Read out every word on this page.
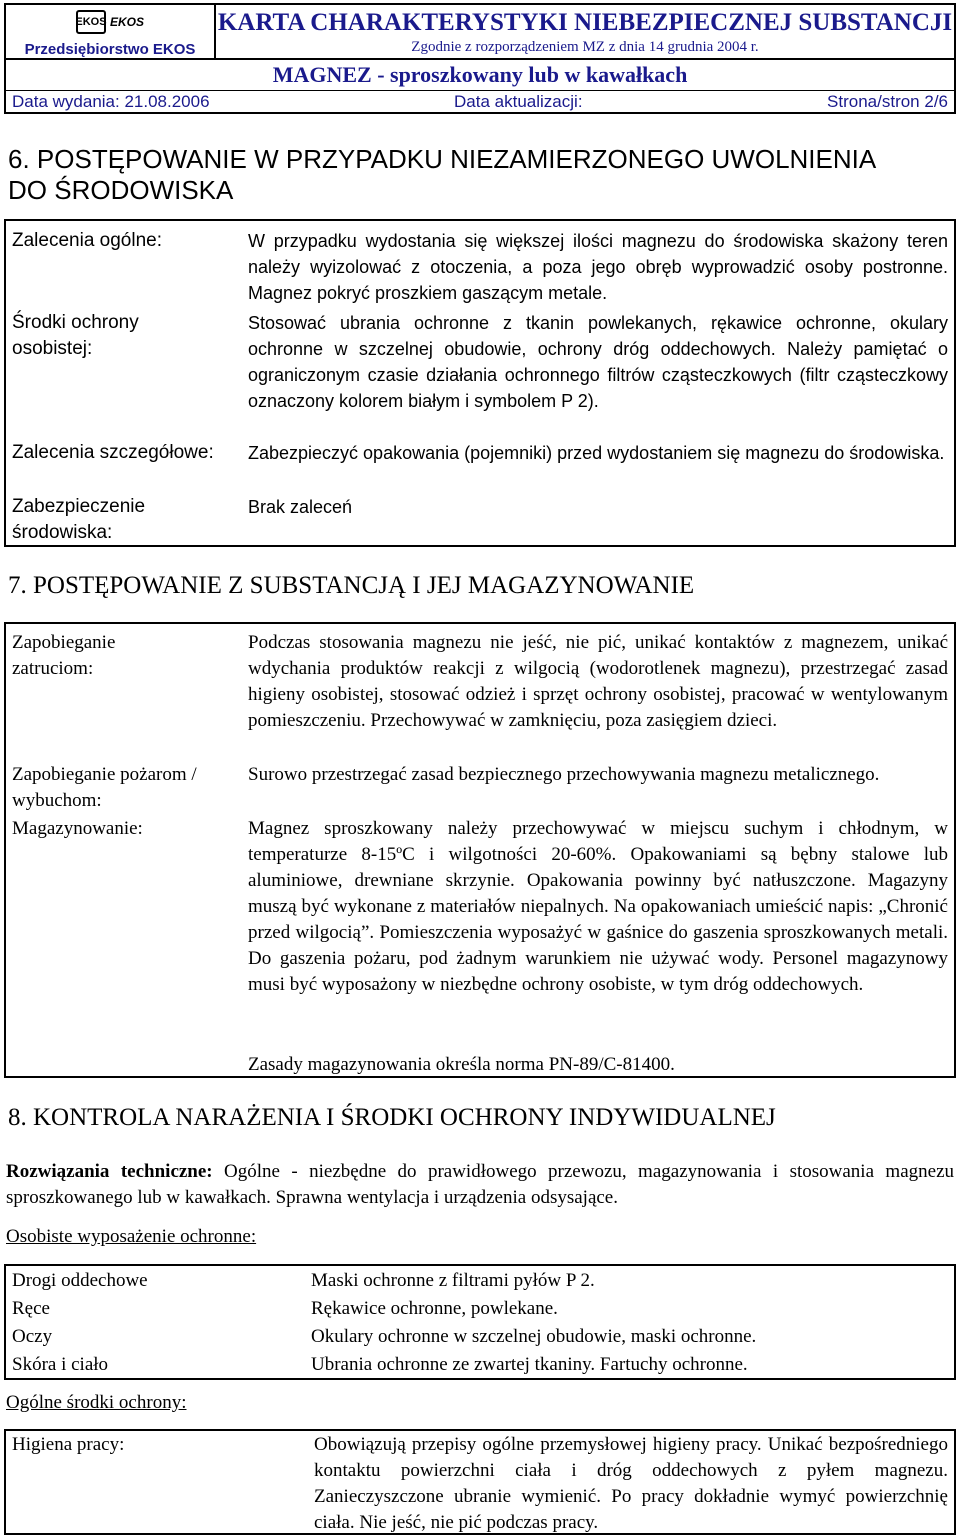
EKOS EKOS
Przedsiębiorstwo EKOS
KARTA CHARAKTERYSTYKI NIEBEZPIECZNEJ SUBSTANCJI
Zgodnie z rozporządzeniem MZ z dnia 14 grudnia 2004 r.
MAGNEZ - sproszkowany lub w kawałkach
Data wydania: 21.08.2006	Data aktualizacji:	Strona/stron 2/6
6. POSTĘPOWANIE W PRZYPADKU NIEZAMIERZONEGO UWOLNIENIA
DO ŚRODOWISKA
Zalecenia ogólne:	W przypadku wydostania się większej ilości magnezu do środowiska skażony teren należy wyizolować z otoczenia, a poza jego obręb wyprowadzić osoby postronne. Magnez pokryć proszkiem gaszącym metale.
Środki ochrony osobistej:
Stosować ubrania ochronne z tkanin powlekanych, rękawice ochronne, okulary ochronne w szczelnej obudowie, ochrony dróg oddechowych. Należy pamiętać o ograniczonym czasie działania ochronnego filtrów cząsteczkowych (filtr cząsteczkowy oznaczony kolorem białym i symbolem P 2).
Zalecenia szczegółowe:	Zabezpieczyć opakowania (pojemniki) przed wydostaniem się magnezu do środowiska.
Zabezpieczenie środowiska:
Brak zaleceń
7. POSTĘPOWANIE Z SUBSTANCJĄ I JEJ MAGAZYNOWANIE
Zapobieganie zatruciom:
Podczas stosowania magnezu nie jeść, nie pić, unikać kontaktów z magnezem, unikać wdychania produktów reakcji z wilgocią (wodorotlenek magnezu), przestrzegać zasad higieny osobistej, stosować odzież i sprzęt ochrony osobistej, pracować w wentylowanym pomieszczeniu. Przechowywać w zamknięciu, poza zasięgiem dzieci.
Zapobieganie pożarom / wybuchom:
Surowo przestrzegać zasad bezpiecznego przechowywania magnezu metalicznego.
Magazynowanie:	Magnez sproszkowany należy przechowywać w miejscu suchym i chłodnym, w temperaturze 8-15ºC i wilgotności 20-60%. Opakowaniami są bębny stalowe lub aluminiowe, drewniane skrzynie. Opakowania powinny być natłuszczone. Magazyny muszą być wykonane z materiałów niepalnych. Na opakowaniach umieścić napis: „Chronić przed wilgocią”. Pomieszczenia wyposażyć w gaśnice do gaszenia sproszkowanych metali. Do gaszenia pożaru, pod żadnym warunkiem nie używać wody. Personel magazynowy musi być wyposażony w niezbędne ochrony osobiste, w tym dróg oddechowych.
Zasady magazynowania określa norma PN-89/C-81400.
8. KONTROLA NARAŻENIA I ŚRODKI OCHRONY INDYWIDUALNEJ
Rozwiązania techniczne: Ogólne - niezbędne do prawidłowego przewozu, magazynowania i stosowania magnezu sproszkowanego lub w kawałkach. Sprawna wentylacja i urządzenia odsysające.
Osobiste wyposażenie ochronne:
Drogi oddechowe	Maski ochronne z filtrami pyłów P 2.
Ręce	Rękawice ochronne, powlekane.
Oczy	Okulary ochronne w szczelnej obudowie, maski ochronne.
Skóra i ciało	Ubrania ochronne ze zwartej tkaniny. Fartuchy ochronne.
Ogólne środki ochrony:
Higiena pracy:	Obowiązują przepisy ogólne przemysłowej higieny pracy. Unikać bezpośredniego kontaktu powierzchni ciała i dróg oddechowych z pyłem magnezu. Zanieczyszczone ubranie wymienić. Po pracy dokładnie wymyć powierzchnię ciała. Nie jeść, nie pić podczas pracy.
